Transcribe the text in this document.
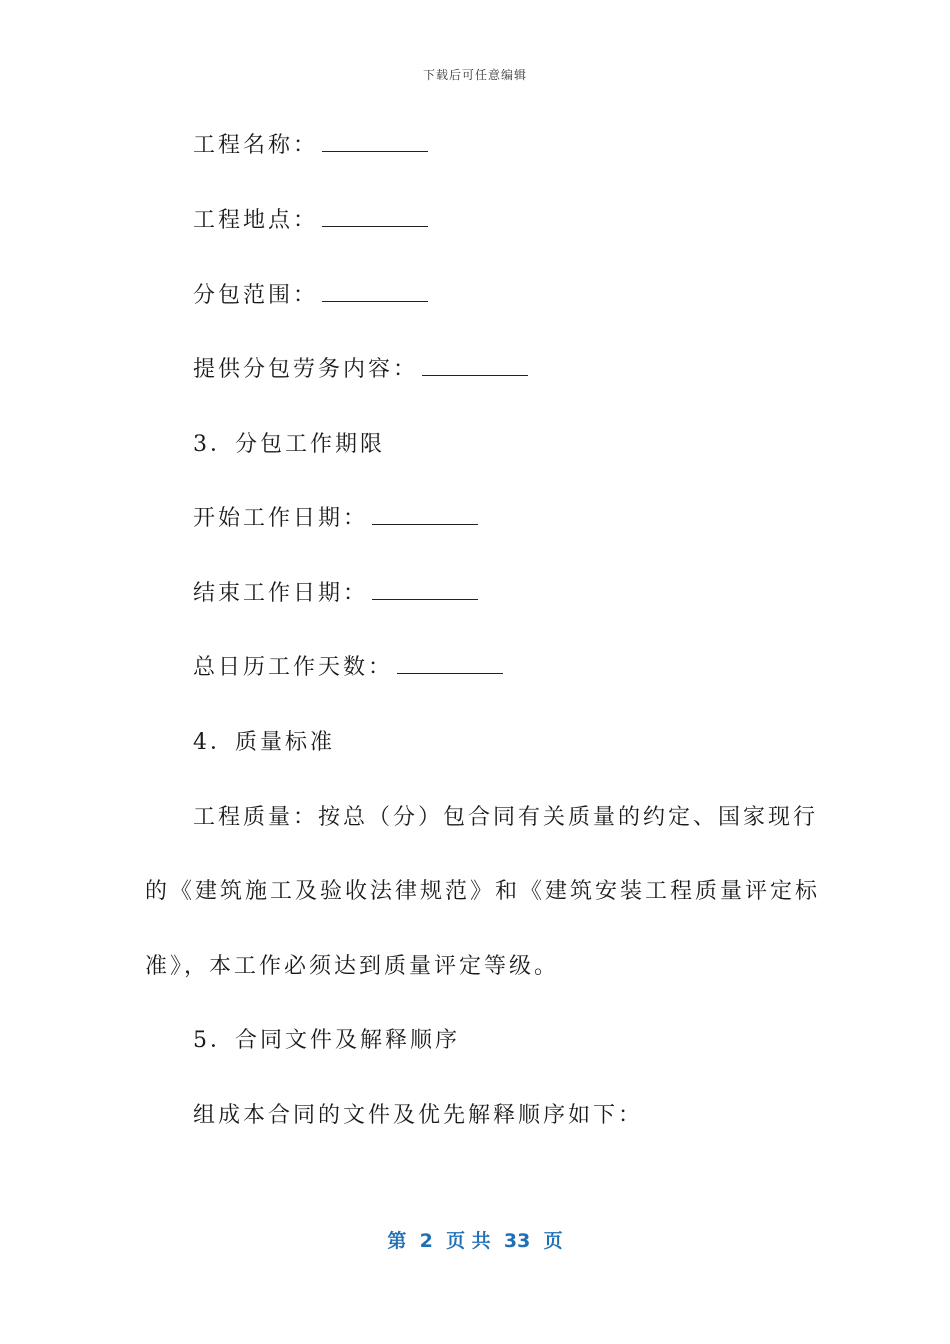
下载后可任意编辑
工程名称：
工程地点：
分包范围：
提供分包劳务内容：
3．分包工作期限
开始工作日期：
结束工作日期：
总日历工作天数：
4．质量标准
工程质量：按总（分）包合同有关质量的约定、国家现行
的《建筑施工及验收法律规范》和《建筑安装工程质量评定标
准》，本工作必须达到质量评定等级。
5．合同文件及解释顺序
组成本合同的文件及优先解释顺序如下：
第  2  页 共  33  页
